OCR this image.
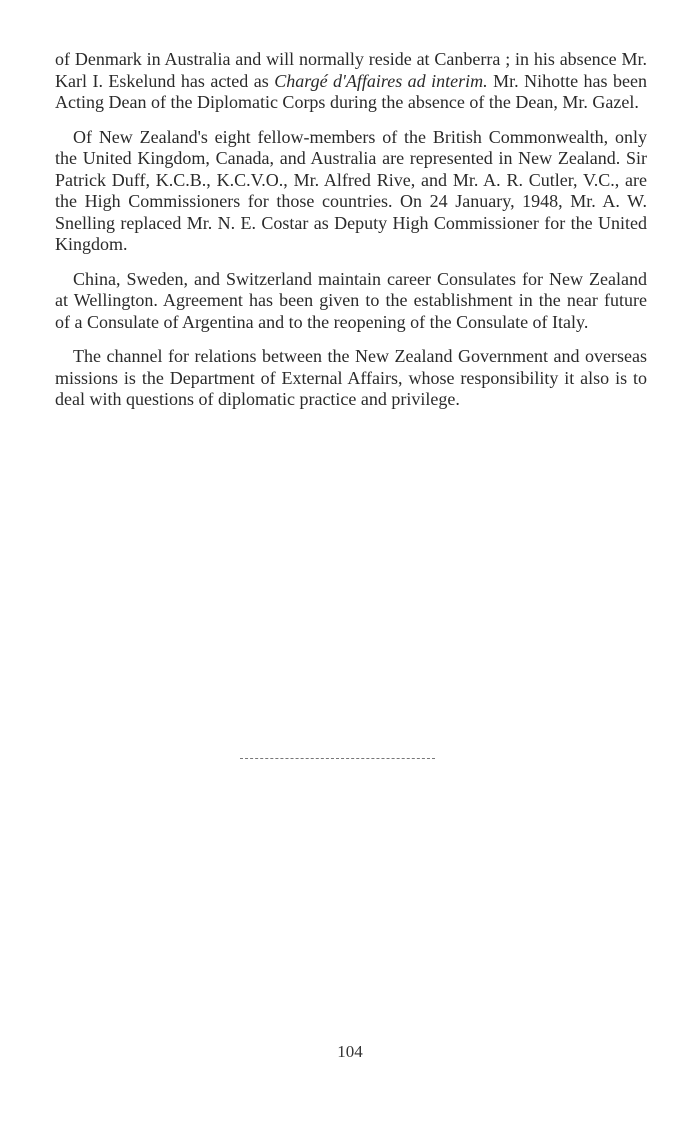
of Denmark in Australia and will normally reside at Canberra ; in his absence Mr. Karl I. Eskelund has acted as Chargé d'Affaires ad interim. Mr. Nihotte has been Acting Dean of the Diplomatic Corps during the absence of the Dean, Mr. Gazel.

Of New Zealand's eight fellow-members of the British Commonwealth, only the United Kingdom, Canada, and Australia are represented in New Zealand. Sir Patrick Duff, K.C.B., K.C.V.O., Mr. Alfred Rive, and Mr. A. R. Cutler, V.C., are the High Commissioners for those countries. On 24 January, 1948, Mr. A. W. Snelling replaced Mr. N. E. Costar as Deputy High Commissioner for the United Kingdom.

China, Sweden, and Switzerland maintain career Consulates for New Zealand at Wellington. Agreement has been given to the establishment in the near future of a Consulate of Argentina and to the reopening of the Consulate of Italy.

The channel for relations between the New Zealand Government and overseas missions is the Department of External Affairs, whose responsibility it also is to deal with questions of diplomatic practice and privilege.

104
